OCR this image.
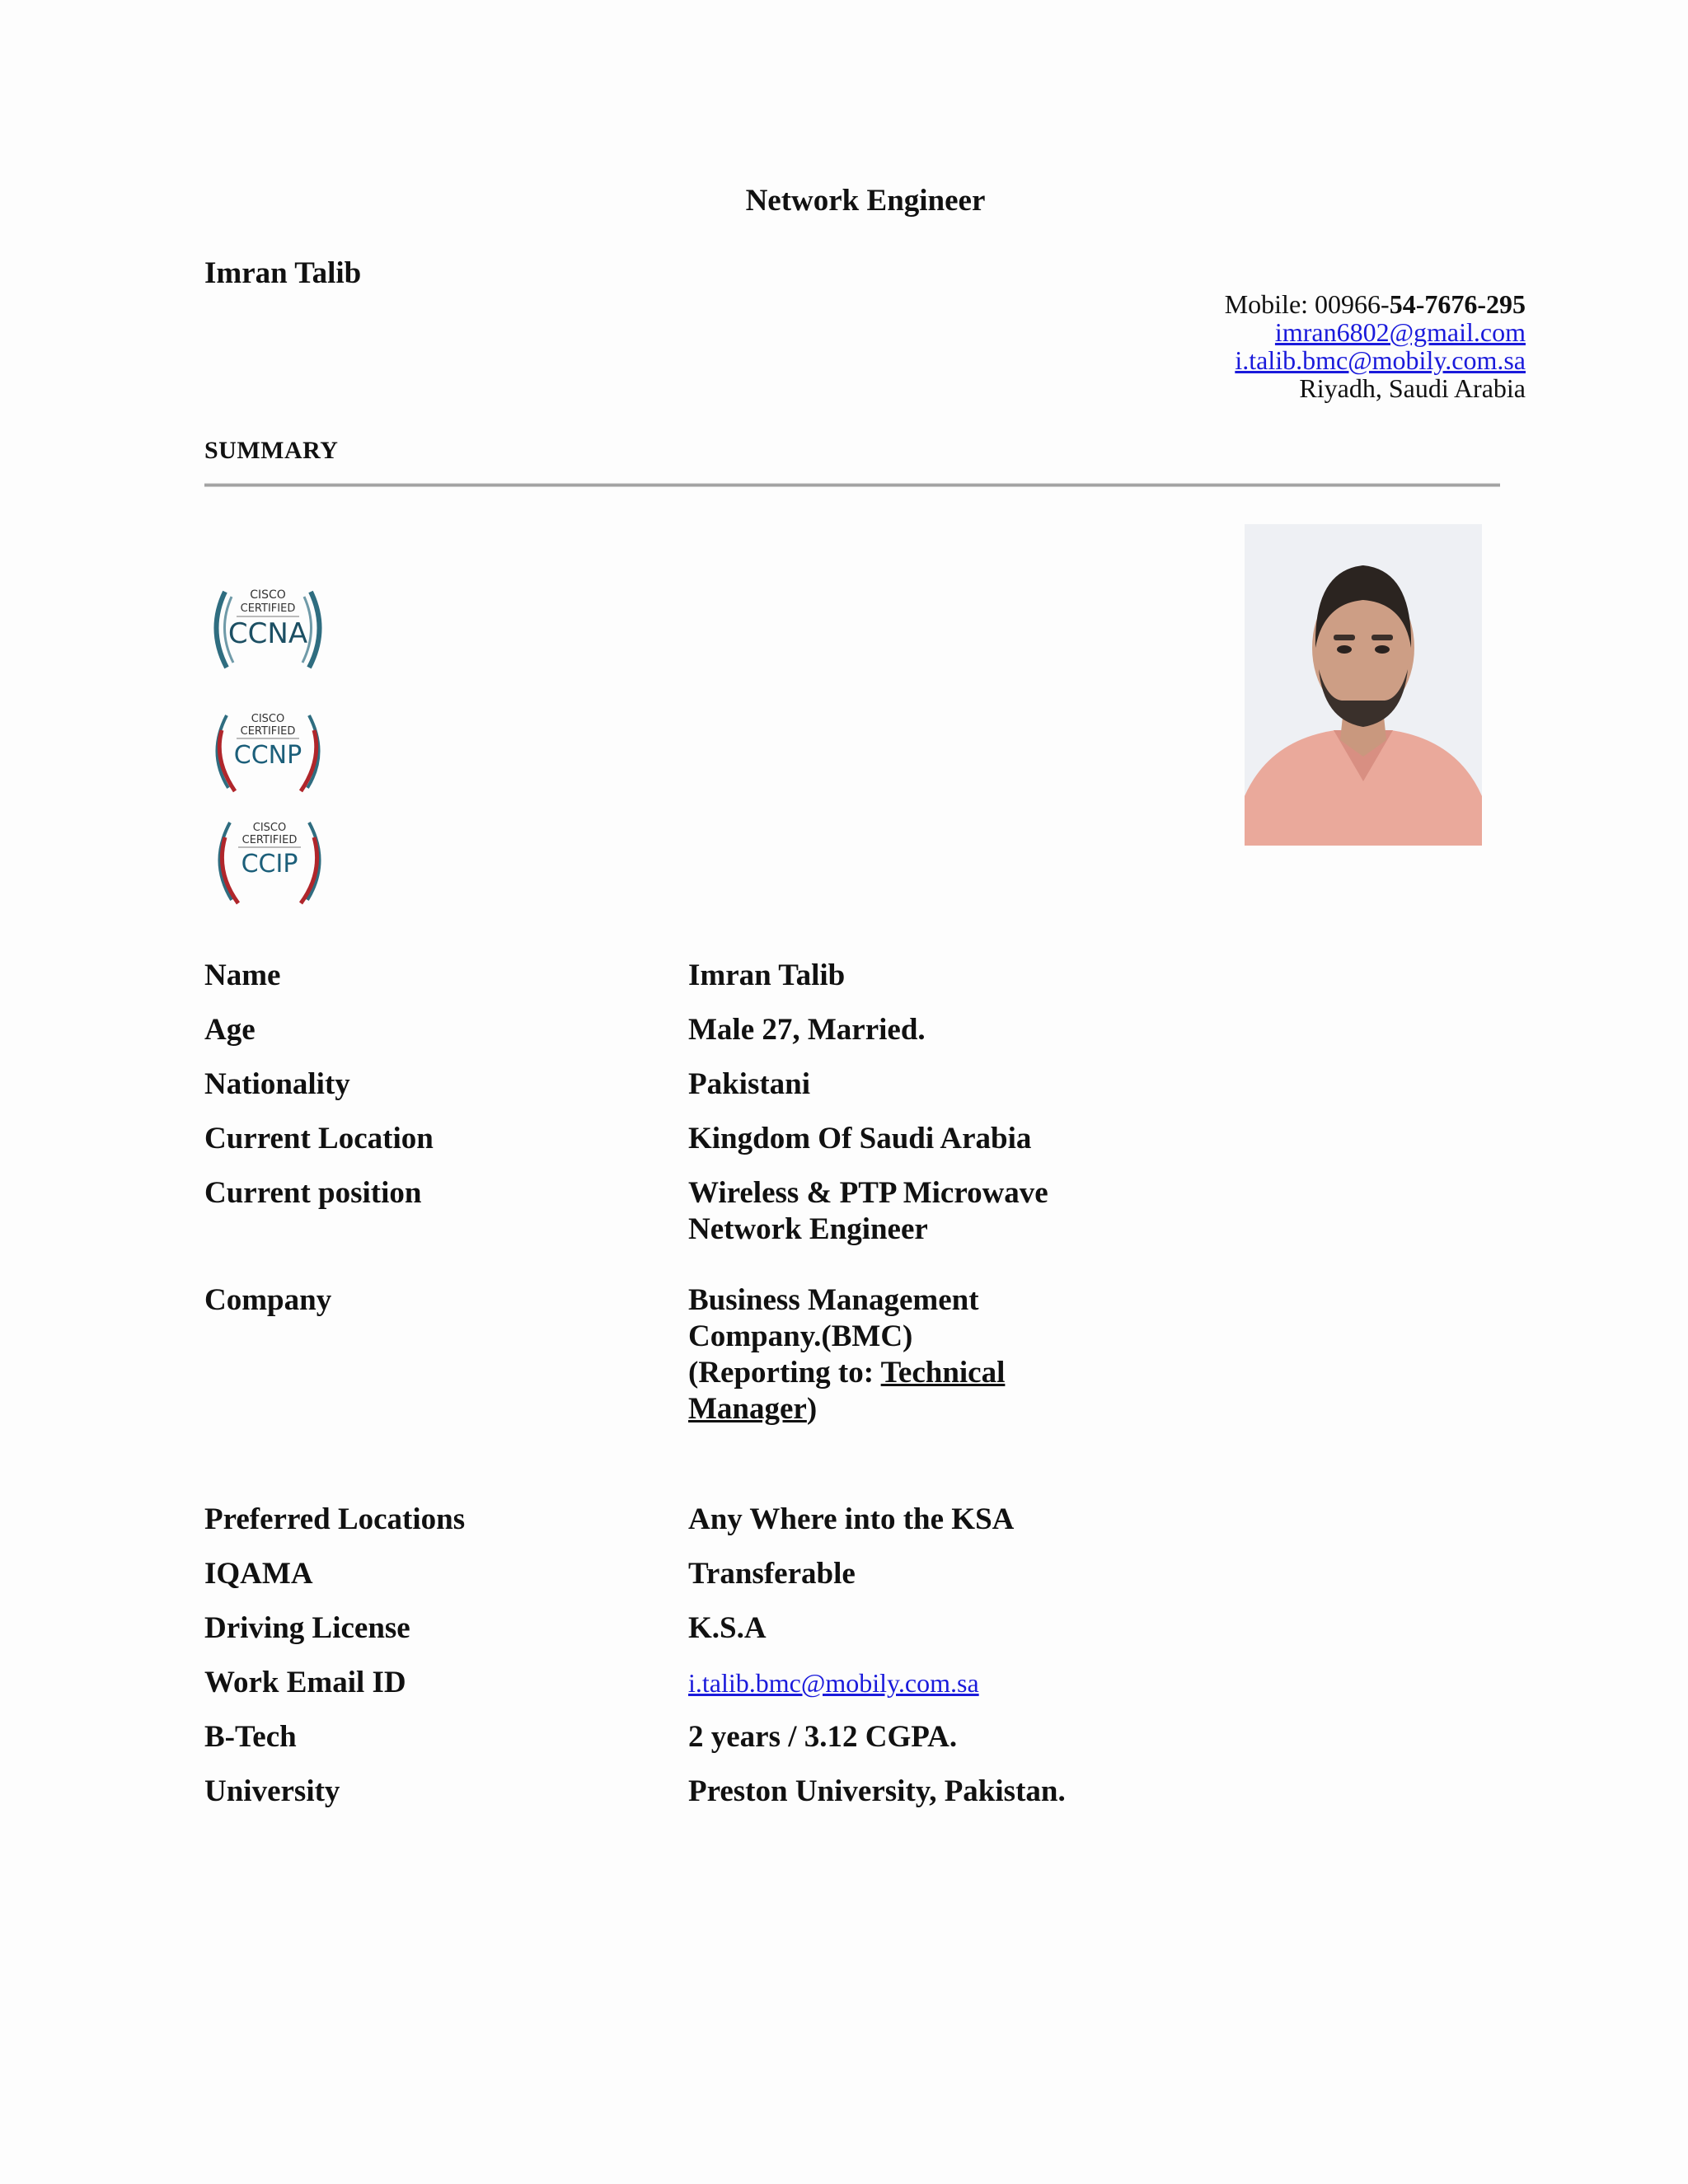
Network Engineer
Imran Talib
Mobile: 00966-54-7676-295
imran6802@gmail.com
i.talib.bmc@mobily.com.sa
Riyadh, Saudi Arabia
SUMMARY
CISCO
CERTIFIED
CCNA
CISCO
CERTIFIED
CCNP
CISCO
CERTIFIED
CCIP
Name	Imran Talib
Age	Male 27, Married.
Nationality	Pakistani
Current Location	Kingdom Of Saudi Arabia
Current position	Wireless & PTP Microwave
Network Engineer
Company	Business Management
Company.(BMC)
(Reporting to: Technical
Manager)
Preferred Locations	Any Where into the KSA
IQAMA	Transferable
Driving License	K.S.A
Work Email ID	i.talib.bmc@mobily.com.sa
B-Tech	2 years / 3.12 CGPA.
University	Preston University, Pakistan.
